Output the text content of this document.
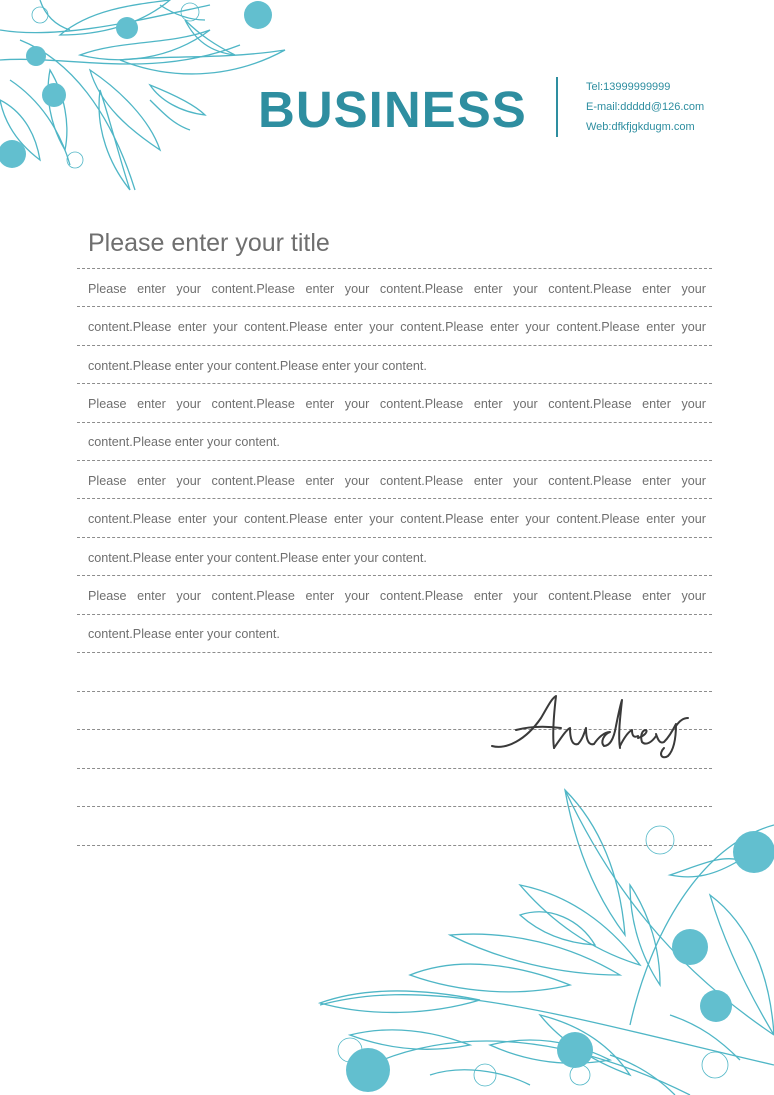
BUSINESS	Tel:13999999999
E-mail:ddddd@126.com
Web:dfkfjgkdugm.com
Please enter your title

Please enter your content.Please enter your content.Please enter your content.Please enter your content.Please enter your content.Please enter your content.Please enter your content.Please enter your content.Please enter your content.Please enter your content.

Please enter your content.Please enter your content.Please enter your content.Please enter your content.Please enter your content.

Please enter your content.Please enter your content.Please enter your content.Please enter your content.Please enter your content.Please enter your content.Please enter your content.Please enter your content.Please enter your content.Please enter your content.

Please enter your content.Please enter your content.Please enter your content.Please enter your content.Please enter your content.
